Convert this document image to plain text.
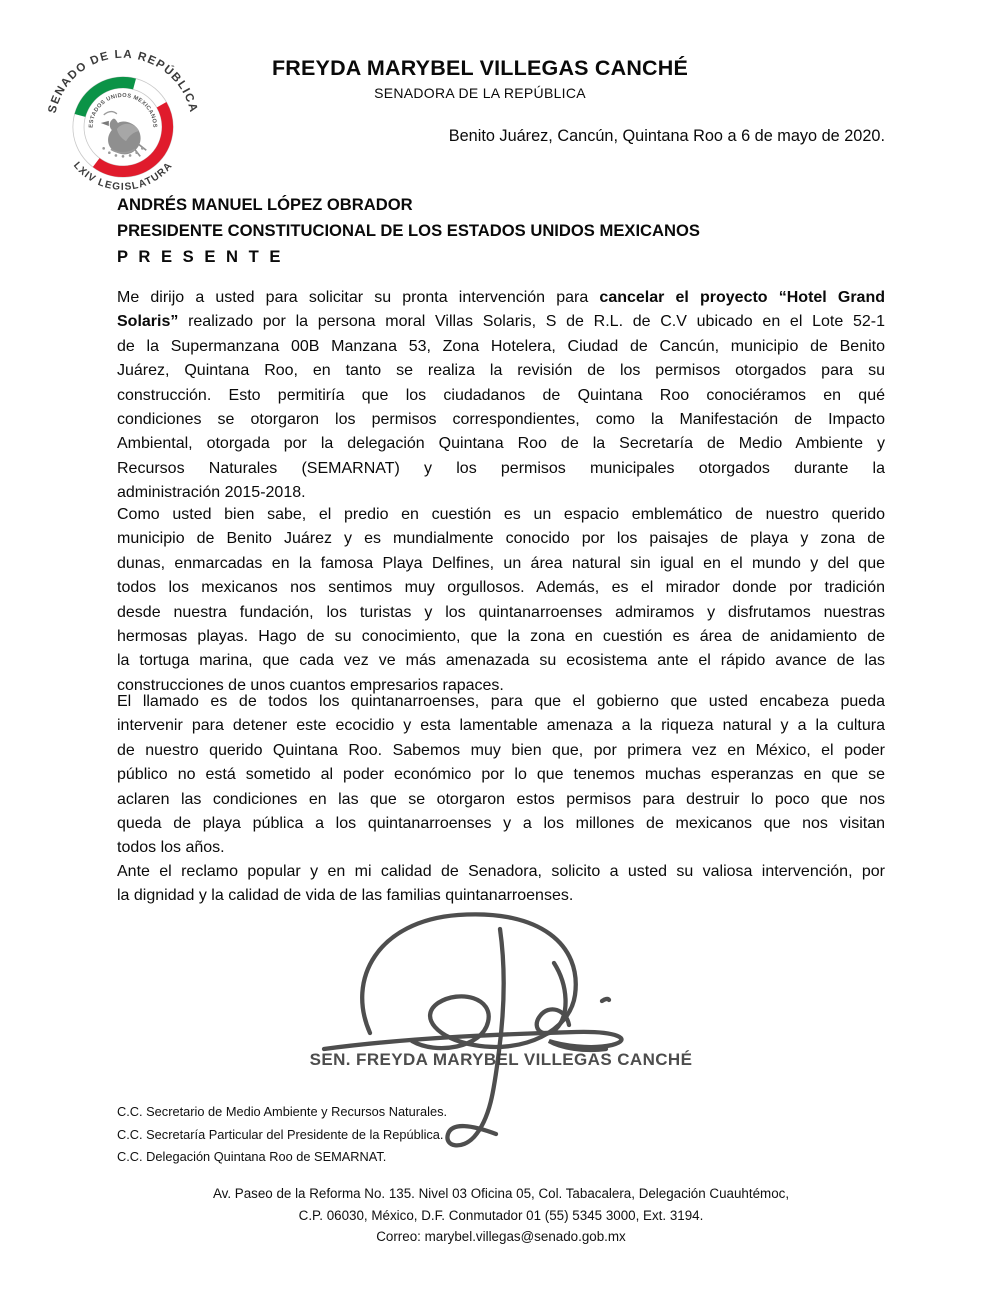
SENADO DE LA REPÚBLICA
LXIV LEGISLATURA
ESTADOS UNIDOS MEXICANOS
FREYDA MARYBEL VILLEGAS CANCHÉ
SENADORA DE LA REPÚBLICA
Benito Juárez, Cancún, Quintana Roo a 6 de mayo de 2020.
ANDRÉS MANUEL LÓPEZ OBRADOR
PRESIDENTE CONSTITUCIONAL DE LOS ESTADOS UNIDOS MEXICANOS
P R E S E N T E
Me dirijo a usted para solicitar su pronta intervención para cancelar el proyecto “Hotel Grand
Solaris” realizado por la persona moral Villas Solaris, S de R.L. de C.V ubicado en el Lote 52-1
de la Supermanzana 00B Manzana 53, Zona Hotelera, Ciudad de Cancún, municipio de Benito
Juárez, Quintana Roo, en tanto se realiza la revisión de los permisos otorgados para su
construcción. Esto permitiría que los ciudadanos de Quintana Roo conociéramos en qué
condiciones se otorgaron los permisos correspondientes, como la Manifestación de Impacto
Ambiental, otorgada por la delegación Quintana Roo de la Secretaría de Medio Ambiente y
Recursos Naturales (SEMARNAT) y los permisos municipales otorgados durante la
administración 2015-2018.
Como usted bien sabe, el predio en cuestión es un espacio emblemático de nuestro querido
municipio de Benito Juárez y es mundialmente conocido por los paisajes de playa y zona de
dunas, enmarcadas en la famosa Playa Delfines, un área natural sin igual en el mundo y del que
todos los mexicanos nos sentimos muy orgullosos. Además, es el mirador donde por tradición
desde nuestra fundación, los turistas y los quintanarroenses admiramos y disfrutamos nuestras
hermosas playas. Hago de su conocimiento, que la zona en cuestión es área de anidamiento de
la tortuga marina, que cada vez ve más amenazada su ecosistema ante el rápido avance de las
construcciones de unos cuantos empresarios rapaces.
El llamado es de todos los quintanarroenses, para que el gobierno que usted encabeza pueda
intervenir para detener este ecocidio y esta lamentable amenaza a la riqueza natural y a la cultura
de nuestro querido Quintana Roo. Sabemos muy bien que, por primera vez en México, el poder
público no está sometido al poder económico por lo que tenemos muchas esperanzas en que se
aclaren las condiciones en las que se otorgaron estos permisos para destruir lo poco que nos
queda de playa pública a los quintanarroenses y a los millones de mexicanos que nos visitan
todos los años.
Ante el reclamo popular y en mi calidad de Senadora, solicito a usted su valiosa intervención, por
la dignidad y la calidad de vida de las familias quintanarroenses.
SEN. FREYDA MARYBEL VILLEGAS CANCHÉ
C.C. Secretario de Medio Ambiente y Recursos Naturales.
C.C. Secretaría Particular del Presidente de la República.
C.C. Delegación Quintana Roo de SEMARNAT.
Av. Paseo de la Reforma No. 135. Nivel 03 Oficina 05, Col. Tabacalera, Delegación Cuauhtémoc,
C.P. 06030, México, D.F. Conmutador 01 (55) 5345 3000, Ext. 3194.
Correo: marybel.villegas@senado.gob.mx
